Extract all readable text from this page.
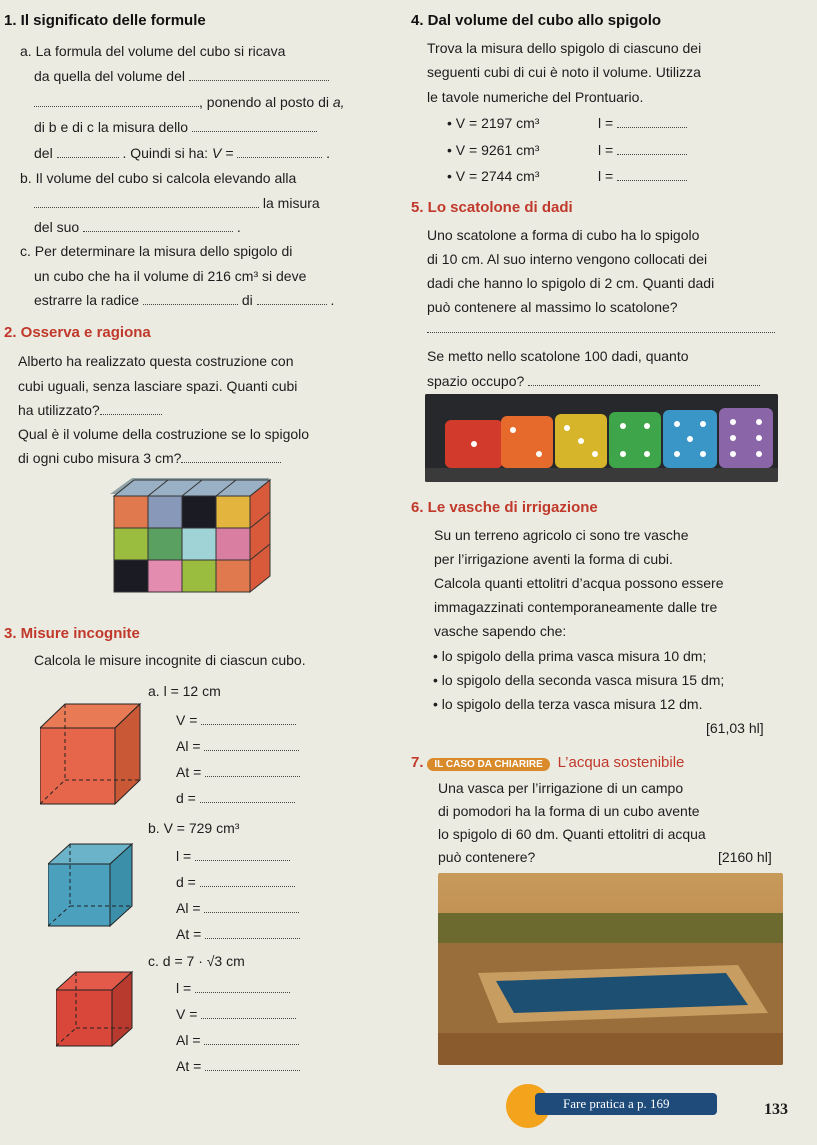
1. Il significato delle formule
a. La formula del volume del cubo si ricava
da quella del volume del
, ponendo al posto di a,
di b e di c la misura dello
del	. Quindi si ha: V =	.
b. Il volume del cubo si calcola elevando alla
la misura
del suo	.
c. Per determinare la misura dello spigolo di
un cubo che ha il volume di 216 cm³ si deve
estrarre la radice	di	.
2. Osserva e ragiona
Alberto ha realizzato questa costruzione con
cubi uguali, senza lasciare spazi. Quanti cubi
ha utilizzato?
Qual è il volume della costruzione se lo spigolo
di ogni cubo misura 3 cm?
3. Misure incognite
Calcola le misure incognite di ciascun cubo.
a. l = 12 cm
V =
Al =
At =
d =
b. V = 729 cm³
l =
d =
Al =
At =
c. d = 7 · √3 cm
l =
V =
Al =
At =
4. Dal volume del cubo allo spigolo
Trova la misura dello spigolo di ciascuno dei
seguenti cubi di cui è noto il volume. Utilizza
le tavole numeriche del Prontuario.
• V = 2197 cm³	l =
• V = 9261 cm³	l =
• V = 2744 cm³	l =
5. Lo scatolone di dadi
Uno scatolone a forma di cubo ha lo spigolo
di 10 cm. Al suo interno vengono collocati dei
dadi che hanno lo spigolo di 2 cm. Quanti dadi
può contenere al massimo lo scatolone?
Se metto nello scatolone 100 dadi, quanto
spazio occupo?
6. Le vasche di irrigazione
Su un terreno agricolo ci sono tre vasche
per l’irrigazione aventi la forma di cubi.
Calcola quanti ettolitri d’acqua possono essere
immagazzinati contemporaneamente dalle tre
vasche sapendo che:
• lo spigolo della prima vasca misura 10 dm;
• lo spigolo della seconda vasca misura 15 dm;
• lo spigolo della terza vasca misura 12 dm.
[61,03 hl]
7. IL CASO DA CHIARIRE L’acqua sostenibile
Una vasca per l’irrigazione di un campo
di pomodori ha la forma di un cubo avente
lo spigolo di 60 dm. Quanti ettolitri di acqua
può contenere?	[2160 hl]
Fare pratica a p. 169	133
